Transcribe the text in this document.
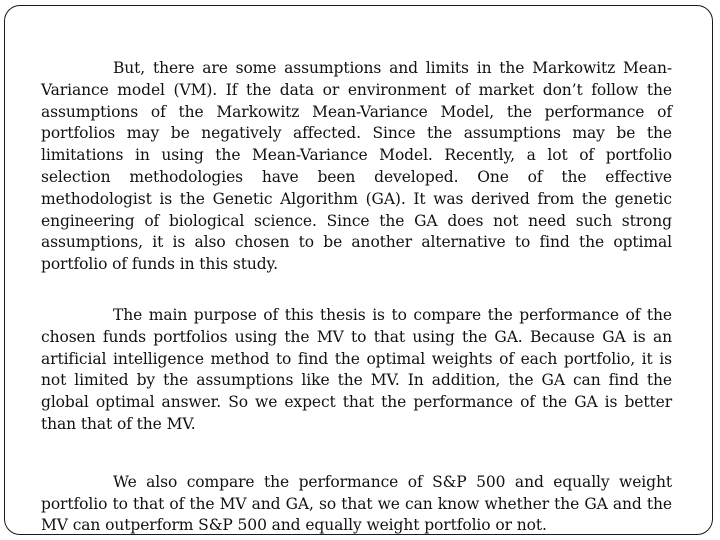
But, there are some assumptions and limits in the Markowitz Mean-Variance model (VM). If the data or environment of market don’t follow the assumptions of the Markowitz Mean-Variance Model, the performance of portfolios may be negatively affected. Since the assumptions may be the limitations in using the Mean-Variance Model. Recently, a lot of portfolio selection methodologies have been developed. One of the effective methodologist is the Genetic Algorithm (GA). It was derived from the genetic engineering of biological science. Since the GA does not need such strong assumptions, it is also chosen to be another alternative to find the optimal portfolio of funds in this study.

The main purpose of this thesis is to compare the performance of the chosen funds portfolios using the MV to that using the GA. Because GA is an artificial intelligence method to find the optimal weights of each portfolio, it is not limited by the assumptions like the MV. In addition, the GA can find the global optimal answer. So we expect that the performance of the GA is better than that of the MV.

We also compare the performance of S&P 500 and equally weight portfolio to that of the MV and GA, so that we can know whether the GA and the MV can outperform S&P 500 and equally weight portfolio or not.
